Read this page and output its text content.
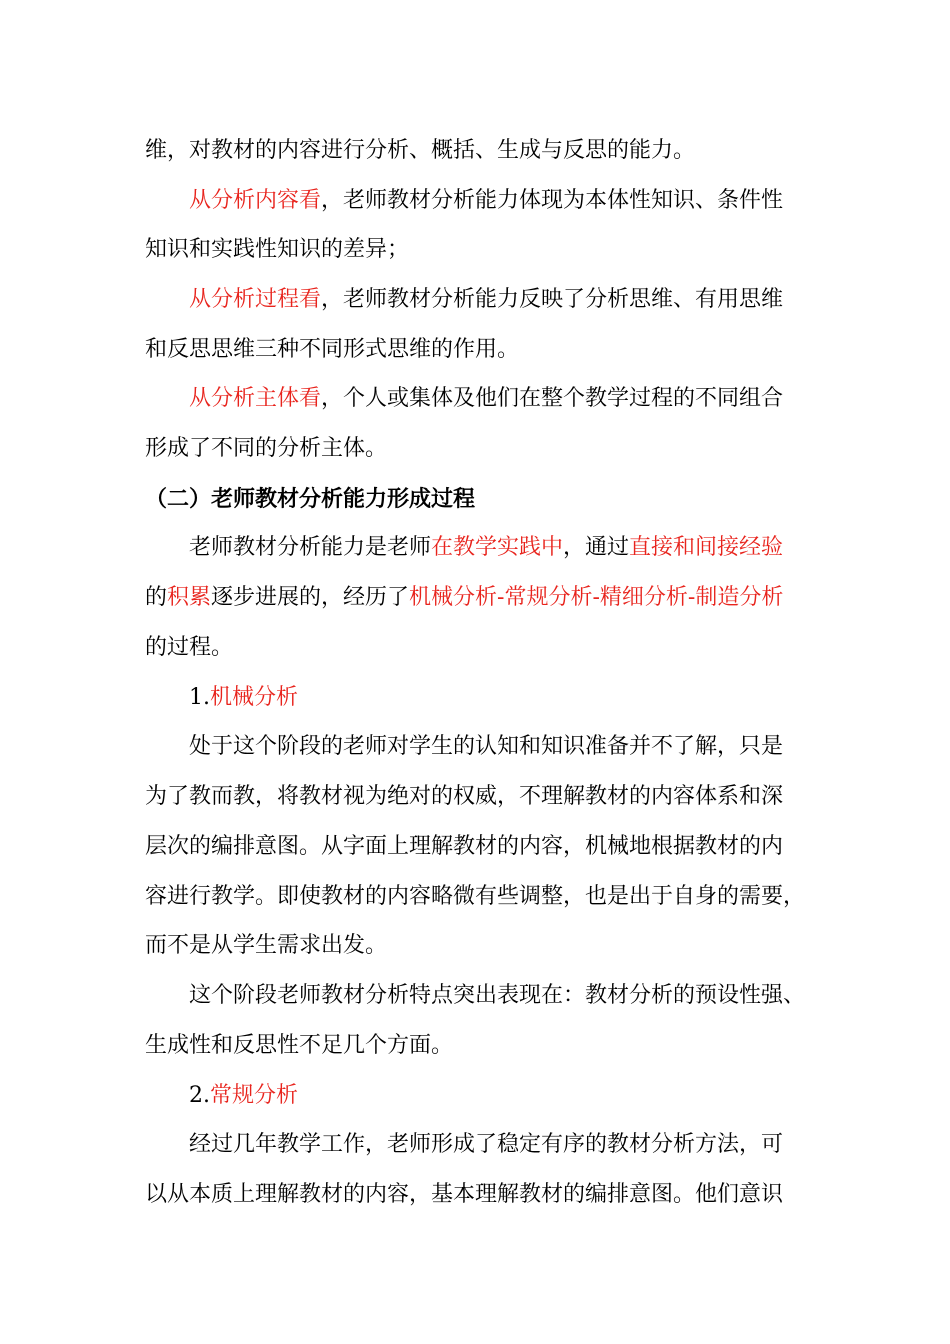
维，对教材的内容进行分析、概括、生成与反思的能力。
从分析内容看，老师教材分析能力体现为本体性知识、条件性
知识和实践性知识的差异；
从分析过程看，老师教材分析能力反映了分析思维、有用思维
和反思思维三种不同形式思维的作用。
从分析主体看，个人或集体及他们在整个教学过程的不同组合
形成了不同的分析主体。
（二）老师教材分析能力形成过程
老师教材分析能力是老师在教学实践中，通过直接和间接经验
的积累逐步进展的，经历了机械分析-常规分析-精细分析-制造分析
的过程。
1.机械分析
处于这个阶段的老师对学生的认知和知识准备并不了解，只是
为了教而教，将教材视为绝对的权威，不理解教材的内容体系和深
层次的编排意图。从字面上理解教材的内容，机械地根据教材的内
容进行教学。即使教材的内容略微有些调整，也是出于自身的需要，
而不是从学生需求出发。
这个阶段老师教材分析特点突出表现在：教材分析的预设性强、
生成性和反思性不足几个方面。
2.常规分析
经过几年教学工作，老师形成了稳定有序的教材分析方法，可
以从本质上理解教材的内容，基本理解教材的编排意图。他们意识
